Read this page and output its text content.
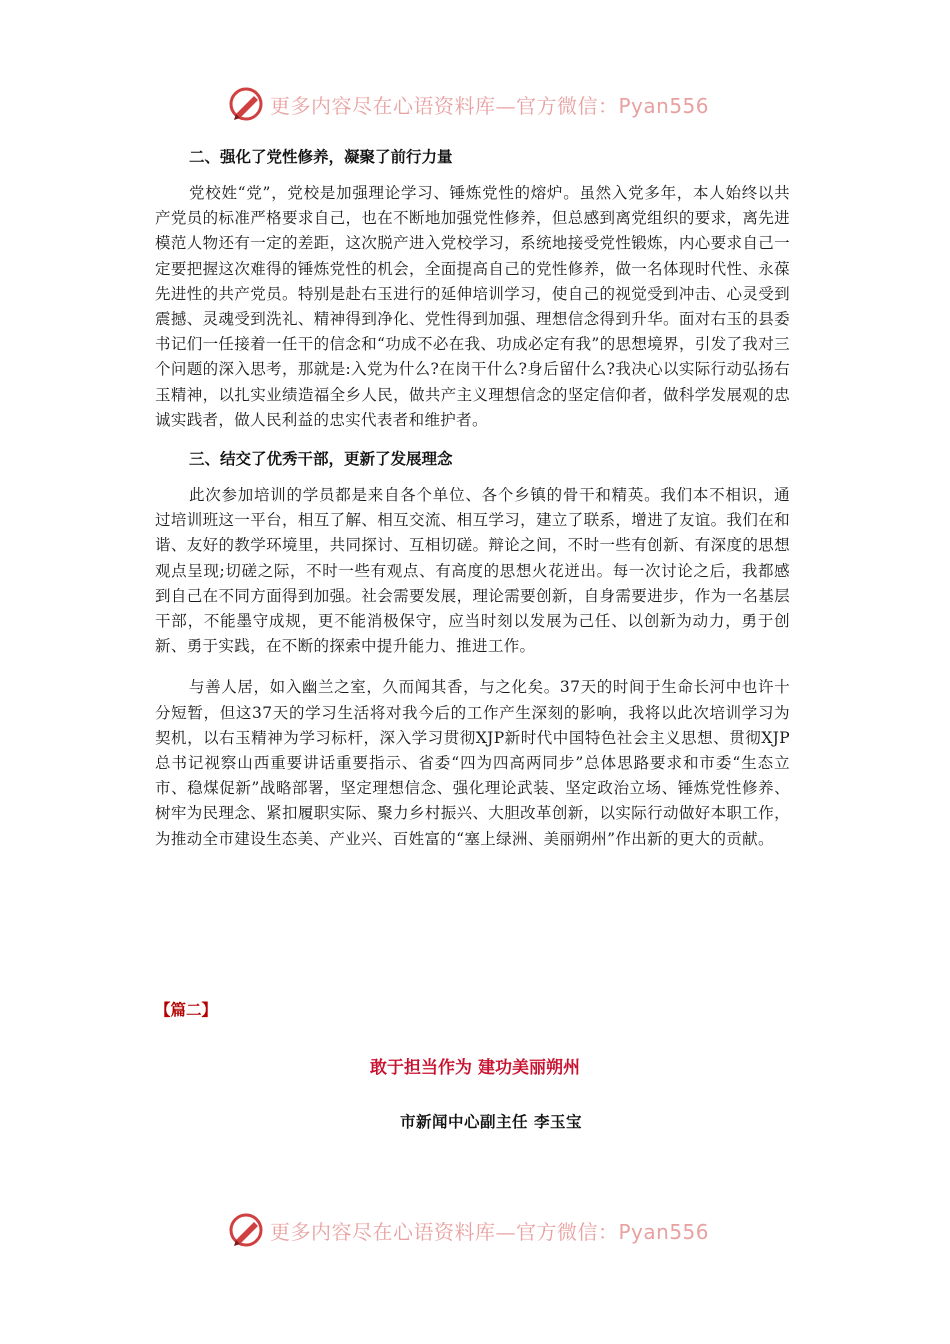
更多内容尽在心语资料库—官方微信：Pyan556
二、强化了党性修养，凝聚了前行力量

党校姓“党”，党校是加强理论学习、锤炼党性的熔炉。虽然入党多年，本人始终以共产党员的标准严格要求自己，也在不断地加强党性修养，但总感到离党组织的要求，离先进模范人物还有一定的差距，这次脱产进入党校学习，系统地接受党性锻炼，内心要求自己一定要把握这次难得的锤炼党性的机会，全面提高自己的党性修养，做一名体现时代性、永葆先进性的共产党员。特别是赴右玉进行的延伸培训学习，使自己的视觉受到冲击、心灵受到震撼、灵魂受到洗礼、精神得到净化、党性得到加强、理想信念得到升华。面对右玉的县委书记们一任接着一任干的信念和“功成不必在我、功成必定有我”的思想境界，引发了我对三个问题的深入思考，那就是:入党为什么?在岗干什么?身后留什么?我决心以实际行动弘扬右玉精神，以扎实业绩造福全乡人民，做共产主义理想信念的坚定信仰者，做科学发展观的忠诚实践者，做人民利益的忠实代表者和维护者。

三、结交了优秀干部，更新了发展理念

此次参加培训的学员都是来自各个单位、各个乡镇的骨干和精英。我们本不相识，通过培训班这一平台，相互了解、相互交流、相互学习，建立了联系，增进了友谊。我们在和谐、友好的教学环境里，共同探讨、互相切磋。辩论之间，不时一些有创新、有深度的思想观点呈现;切磋之际，不时一些有观点、有高度的思想火花迸出。每一次讨论之后，我都感到自己在不同方面得到加强。社会需要发展，理论需要创新，自身需要进步，作为一名基层干部，不能墨守成规，更不能消极保守，应当时刻以发展为己任、以创新为动力，勇于创新、勇于实践，在不断的探索中提升能力、推进工作。

与善人居，如入幽兰之室，久而闻其香，与之化矣。37天的时间于生命长河中也许十分短暂，但这37天的学习生活将对我今后的工作产生深刻的影响，我将以此次培训学习为契机，以右玉精神为学习标杆，深入学习贯彻XJP新时代中国特色社会主义思想、贯彻XJP总书记视察山西重要讲话重要指示、省委“四为四高两同步”总体思路要求和市委“生态立市、稳煤促新”战略部署，坚定理想信念、强化理论武装、坚定政治立场、锤炼党性修养、树牢为民理念、紧扣履职实际、聚力乡村振兴、大胆改革创新，以实际行动做好本职工作，为推动全市建设生态美、产业兴、百姓富的“塞上绿洲、美丽朔州”作出新的更大的贡献。

【篇二】
敢于担当作为 建功美丽朔州
市新闻中心副主任 李玉宝
更多内容尽在心语资料库—官方微信：Pyan556
